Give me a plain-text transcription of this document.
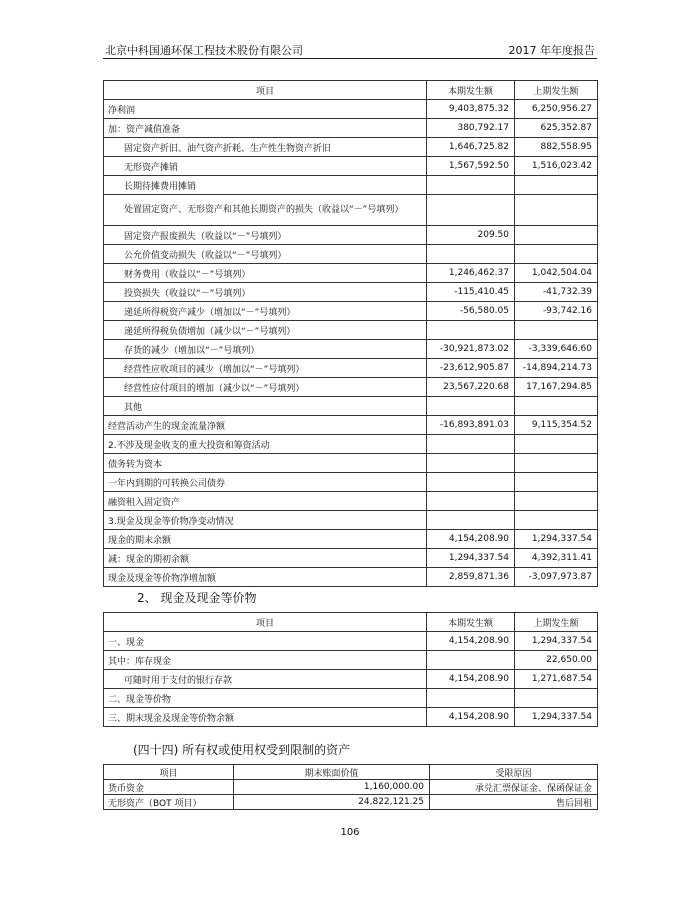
北京中科国通环保工程技术股份有限公司	2017 年年度报告
项目	本期发生额	上期发生额
净利润	9,403,875.32	6,250,956.27
加：资产减值准备	380,792.17	625,352.87
固定资产折旧、油气资产折耗、生产性生物资产折旧	1,646,725.82	882,558.95
无形资产摊销	1,567,592.50	1,516,023.42
长期待摊费用摊销		
处置固定资产、无形资产和其他长期资产的损失（收益以“－”号填列）		
固定资产报废损失（收益以“－”号填列）	209.50	
公允价值变动损失（收益以“－”号填列）		
财务费用（收益以“－”号填列）	1,246,462.37	1,042,504.04
投资损失（收益以“－”号填列）	-115,410.45	-41,732.39
递延所得税资产减少（增加以“－”号填列）	-56,580.05	-93,742.16
递延所得税负债增加（减少以“－”号填列）		
存货的减少（增加以“－”号填列）	-30,921,873.02	-3,339,646.60
经营性应收项目的减少（增加以“－”号填列）	-23,612,905.87	-14,894,214.73
经营性应付项目的增加（减少以“－”号填列）	23,567,220.68	17,167,294.85
其他		
经营活动产生的现金流量净额	-16,893,891.03	9,115,354.52
2.不涉及现金收支的重大投资和筹资活动		
债务转为资本		
一年内到期的可转换公司债券		
融资租入固定资产		
3.现金及现金等价物净变动情况		
现金的期末余额	4,154,208.90	1,294,337.54
减：现金的期初余额	1,294,337.54	4,392,311.41
现金及现金等价物净增加额	2,859,871.36	-3,097,973.87
2、 现金及现金等价物
项目	本期发生额	上期发生额
一、现金	4,154,208.90	1,294,337.54
其中：库存现金		22,650.00
可随时用于支付的银行存款	4,154,208.90	1,271,687.54
二、现金等价物		
三、期末现金及现金等价物余额	4,154,208.90	1,294,337.54
(四十四) 所有权或使用权受到限制的资产
项目	期末账面价值	受限原因
货币资金	1,160,000.00	承兑汇票保证金、保函保证金
无形资产（BOT 项目）	24,822,121.25	售后回租
106
